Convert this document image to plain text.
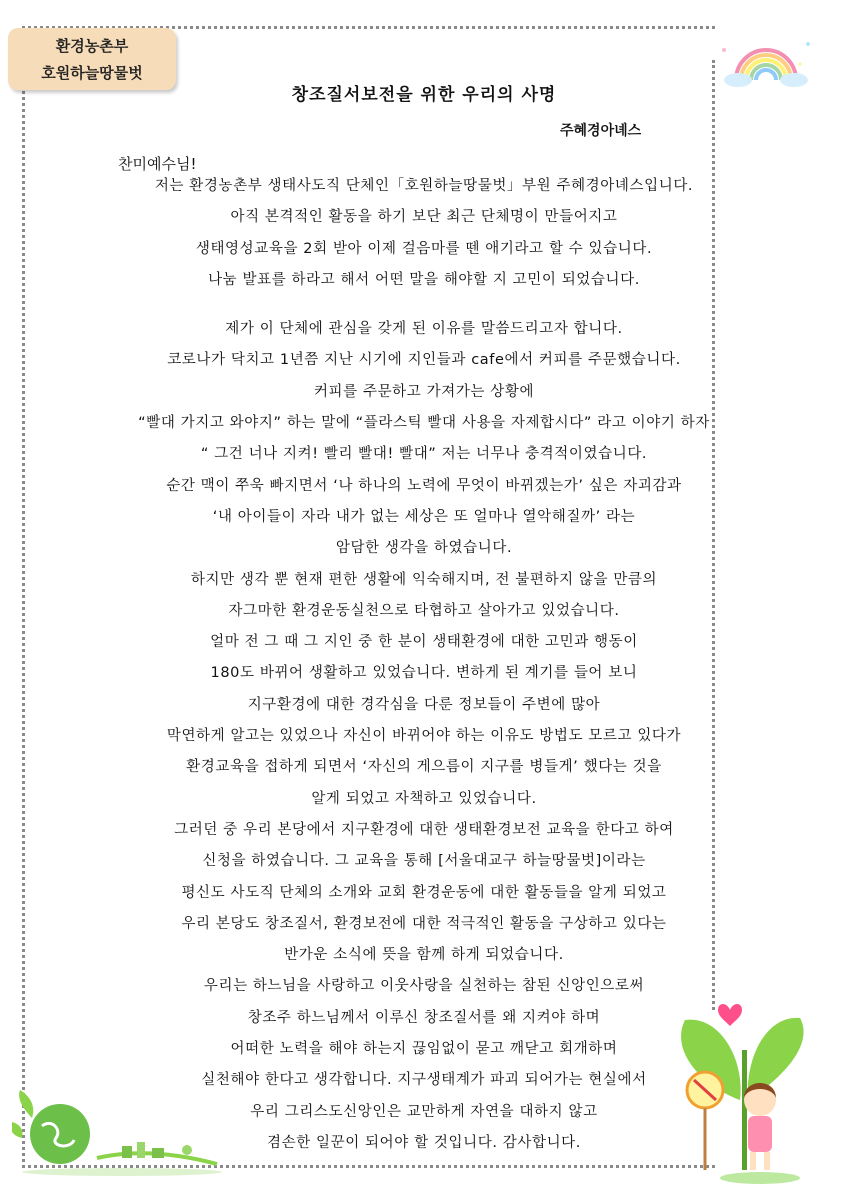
환경농촌부
호원하늘땅물벗
창조질서보전을 위한 우리의 사명
주혜경아녜스
찬미예수님!
저는 환경농촌부 생태사도직 단체인「호원하늘땅물벗」부원 주혜경아녜스입니다.
아직 본격적인 활동을 하기 보단 최근 단체명이 만들어지고
생태영성교육을 2회 받아 이제 걸음마를 뗀 애기라고 할 수 있습니다.
나눔 발표를 하라고 해서 어떤 말을 해야할 지 고민이 되었습니다.
제가 이 단체에 관심을 갖게 된 이유를 말씀드리고자 합니다.
코로나가 닥치고 1년쯤 지난 시기에 지인들과 cafe에서 커피를 주문했습니다.
커피를 주문하고 가져가는 상황에
“빨대 가지고 와야지” 하는 말에 “플라스틱 빨대 사용을 자제합시다” 라고 이야기 하자
“ 그건 너나 지켜! 빨리 빨대! 빨대” 저는 너무나 충격적이였습니다.
순간 맥이 쭈욱 빠지면서 ‘나 하나의 노력에 무엇이 바뀌겠는가’ 싶은 자괴감과
‘내 아이들이 자라 내가 없는 세상은 또 얼마나 열악해질까’ 라는
암담한 생각을 하였습니다.
하지만 생각 뿐 현재 편한 생활에 익숙해지며, 전 불편하지 않을 만큼의
자그마한 환경운동실천으로 타협하고 살아가고 있었습니다.
얼마 전 그 때 그 지인 중 한 분이 생태환경에 대한 고민과 행동이
180도 바뀌어 생활하고 있었습니다. 변하게 된 계기를 들어 보니
지구환경에 대한 경각심을 다룬 정보들이 주변에 많아
막연하게 알고는 있었으나 자신이 바뀌어야 하는 이유도 방법도 모르고 있다가
환경교육을 접하게 되면서 ‘자신의 게으름이 지구를 병들게’ 했다는 것을
알게 되었고 자책하고 있었습니다.
그러던 중 우리 본당에서 지구환경에 대한 생태환경보전 교육을 한다고 하여
신청을 하였습니다. 그 교육을 통해 [서울대교구 하늘땅물벗]이라는
평신도 사도직 단체의 소개와 교회 환경운동에 대한 활동들을 알게 되었고
우리 본당도 창조질서, 환경보전에 대한 적극적인 활동을 구상하고 있다는
반가운 소식에 뜻을 함께 하게 되었습니다.
우리는 하느님을 사랑하고 이웃사랑을 실천하는 참된 신앙인으로써
창조주 하느님께서 이루신 창조질서를 왜 지켜야 하며
어떠한 노력을 해야 하는지 끊임없이 묻고 깨닫고 회개하며
실천해야 한다고 생각합니다. 지구생태계가 파괴 되어가는 현실에서
우리 그리스도신앙인은 교만하게 자연을 대하지 않고
겸손한 일꾼이 되어야 할 것입니다. 감사합니다.
